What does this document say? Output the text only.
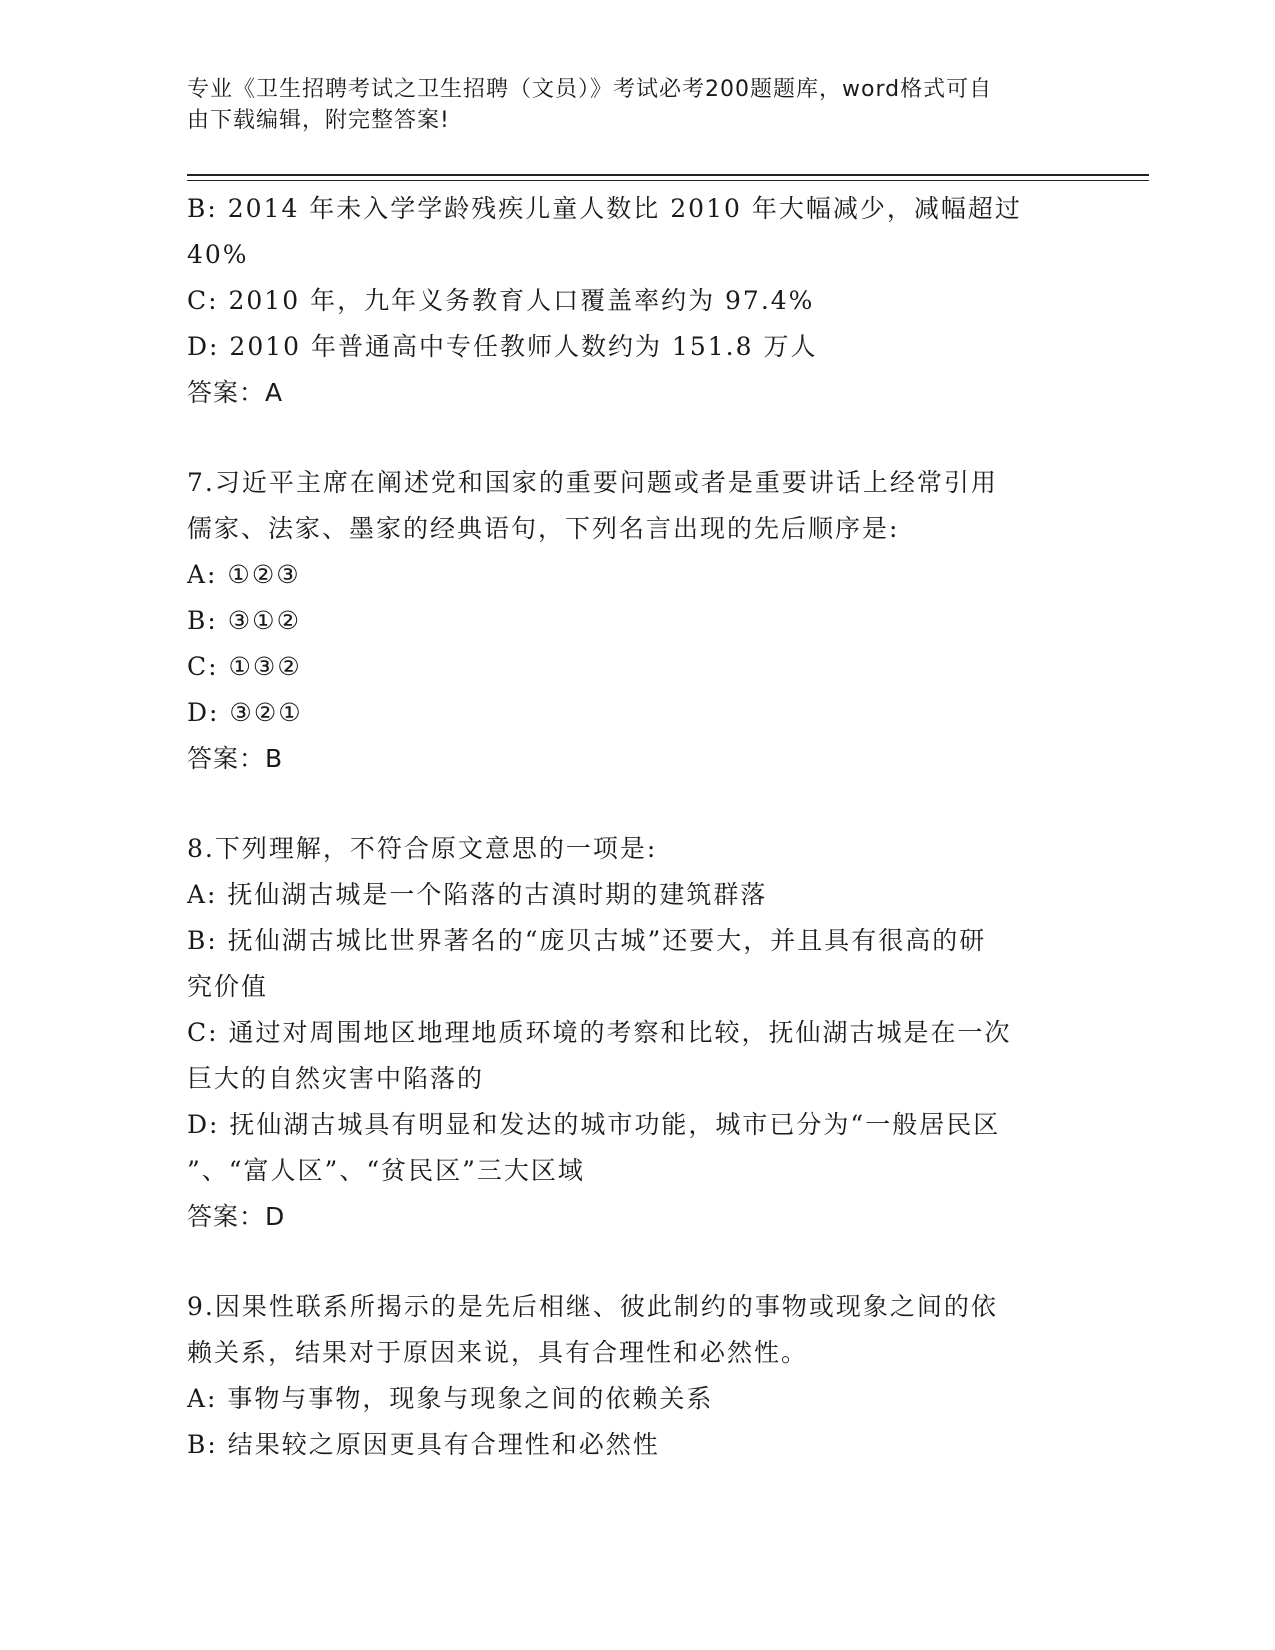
专业《卫生招聘考试之卫生招聘（文员）》考试必考200题题库，word格式可自
由下载编辑，附完整答案!
B: 2014 年未入学学龄残疾儿童人数比 2010 年大幅减少，减幅超过
40%
C: 2010 年，九年义务教育人口覆盖率约为 97.4%
D: 2010 年普通高中专任教师人数约为 151.8 万人
答案：A
7.习近平主席在阐述党和国家的重要问题或者是重要讲话上经常引用
儒家、法家、墨家的经典语句，下列名言出现的先后顺序是:
A: ①②③
B: ③①②
C: ①③②
D: ③②①
答案：B
8.下列理解，不符合原文意思的一项是:
A: 抚仙湖古城是一个陷落的古滇时期的建筑群落
B: 抚仙湖古城比世界著名的“庞贝古城”还要大，并且具有很高的研
究价值
C: 通过对周围地区地理地质环境的考察和比较，抚仙湖古城是在一次
巨大的自然灾害中陷落的
D: 抚仙湖古城具有明显和发达的城市功能，城市已分为“一般居民区
”、“富人区”、“贫民区”三大区域
答案：D
9.因果性联系所揭示的是先后相继、彼此制约的事物或现象之间的依
赖关系，结果对于原因来说，具有合理性和必然性。
A: 事物与事物，现象与现象之间的依赖关系
B: 结果较之原因更具有合理性和必然性
